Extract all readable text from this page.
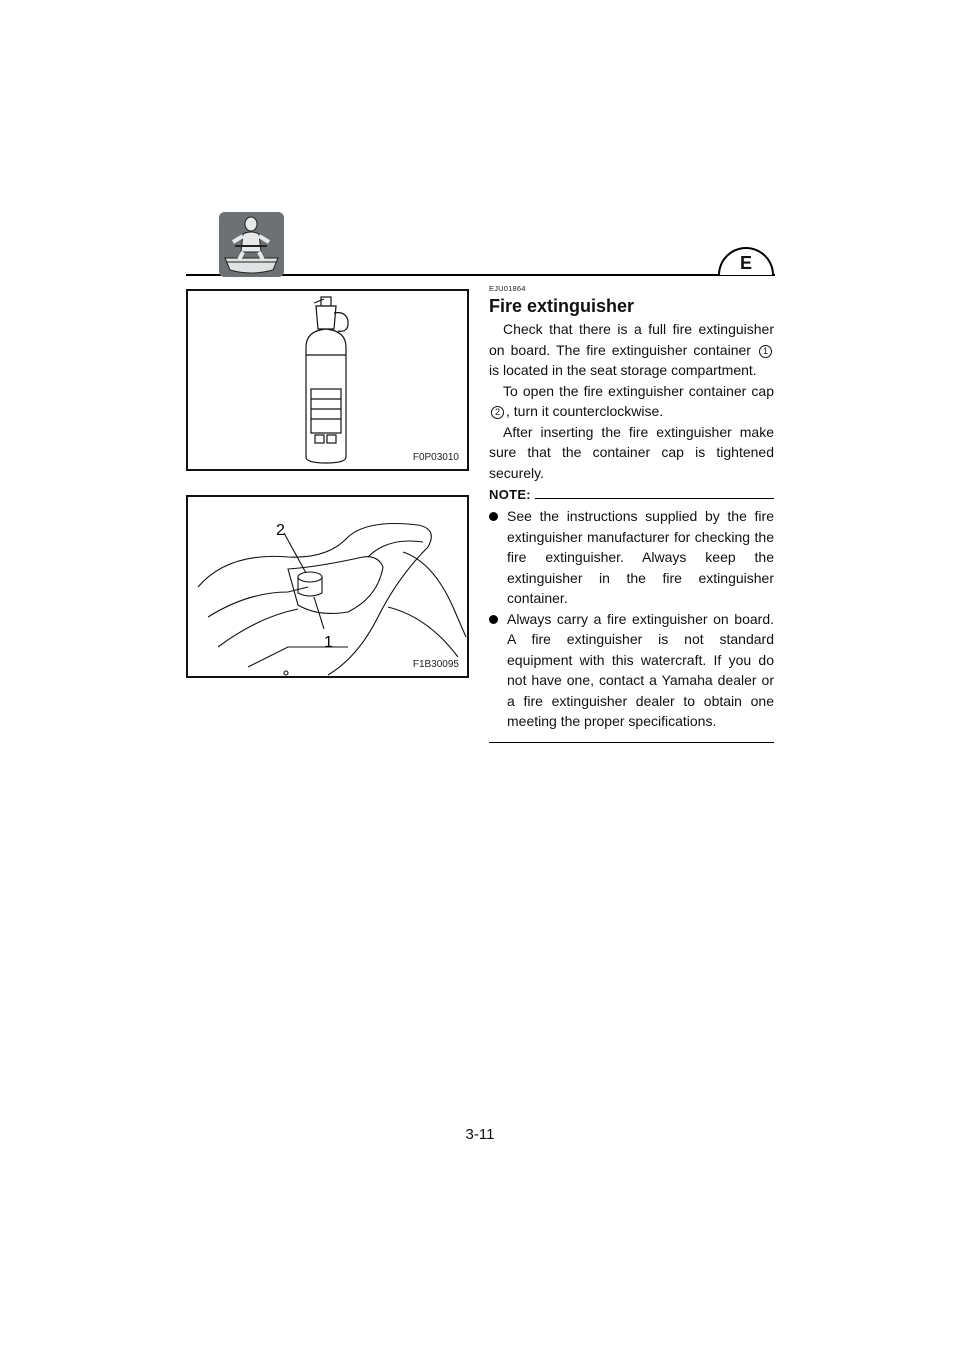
E
F0P03010
2
1
F1B30095
EJU01864
Fire extinguisher

Check that there is a full fire extinguisher on board. The fire extinguisher container 1 is located in the seat storage compartment.

To open the fire extinguisher container cap 2 , turn it counterclockwise.

After inserting the fire extinguisher make sure that the container cap is tightened securely.

NOTE:
See the instructions supplied by the fire extinguisher manufacturer for checking the fire extinguisher. Always keep the extinguisher in the fire extinguisher container.
Always carry a fire extinguisher on board. A fire extinguisher is not standard equipment with this watercraft. If you do not have one, contact a Yamaha dealer or a fire extinguisher dealer to obtain one meeting the proper specifications.
3-11
